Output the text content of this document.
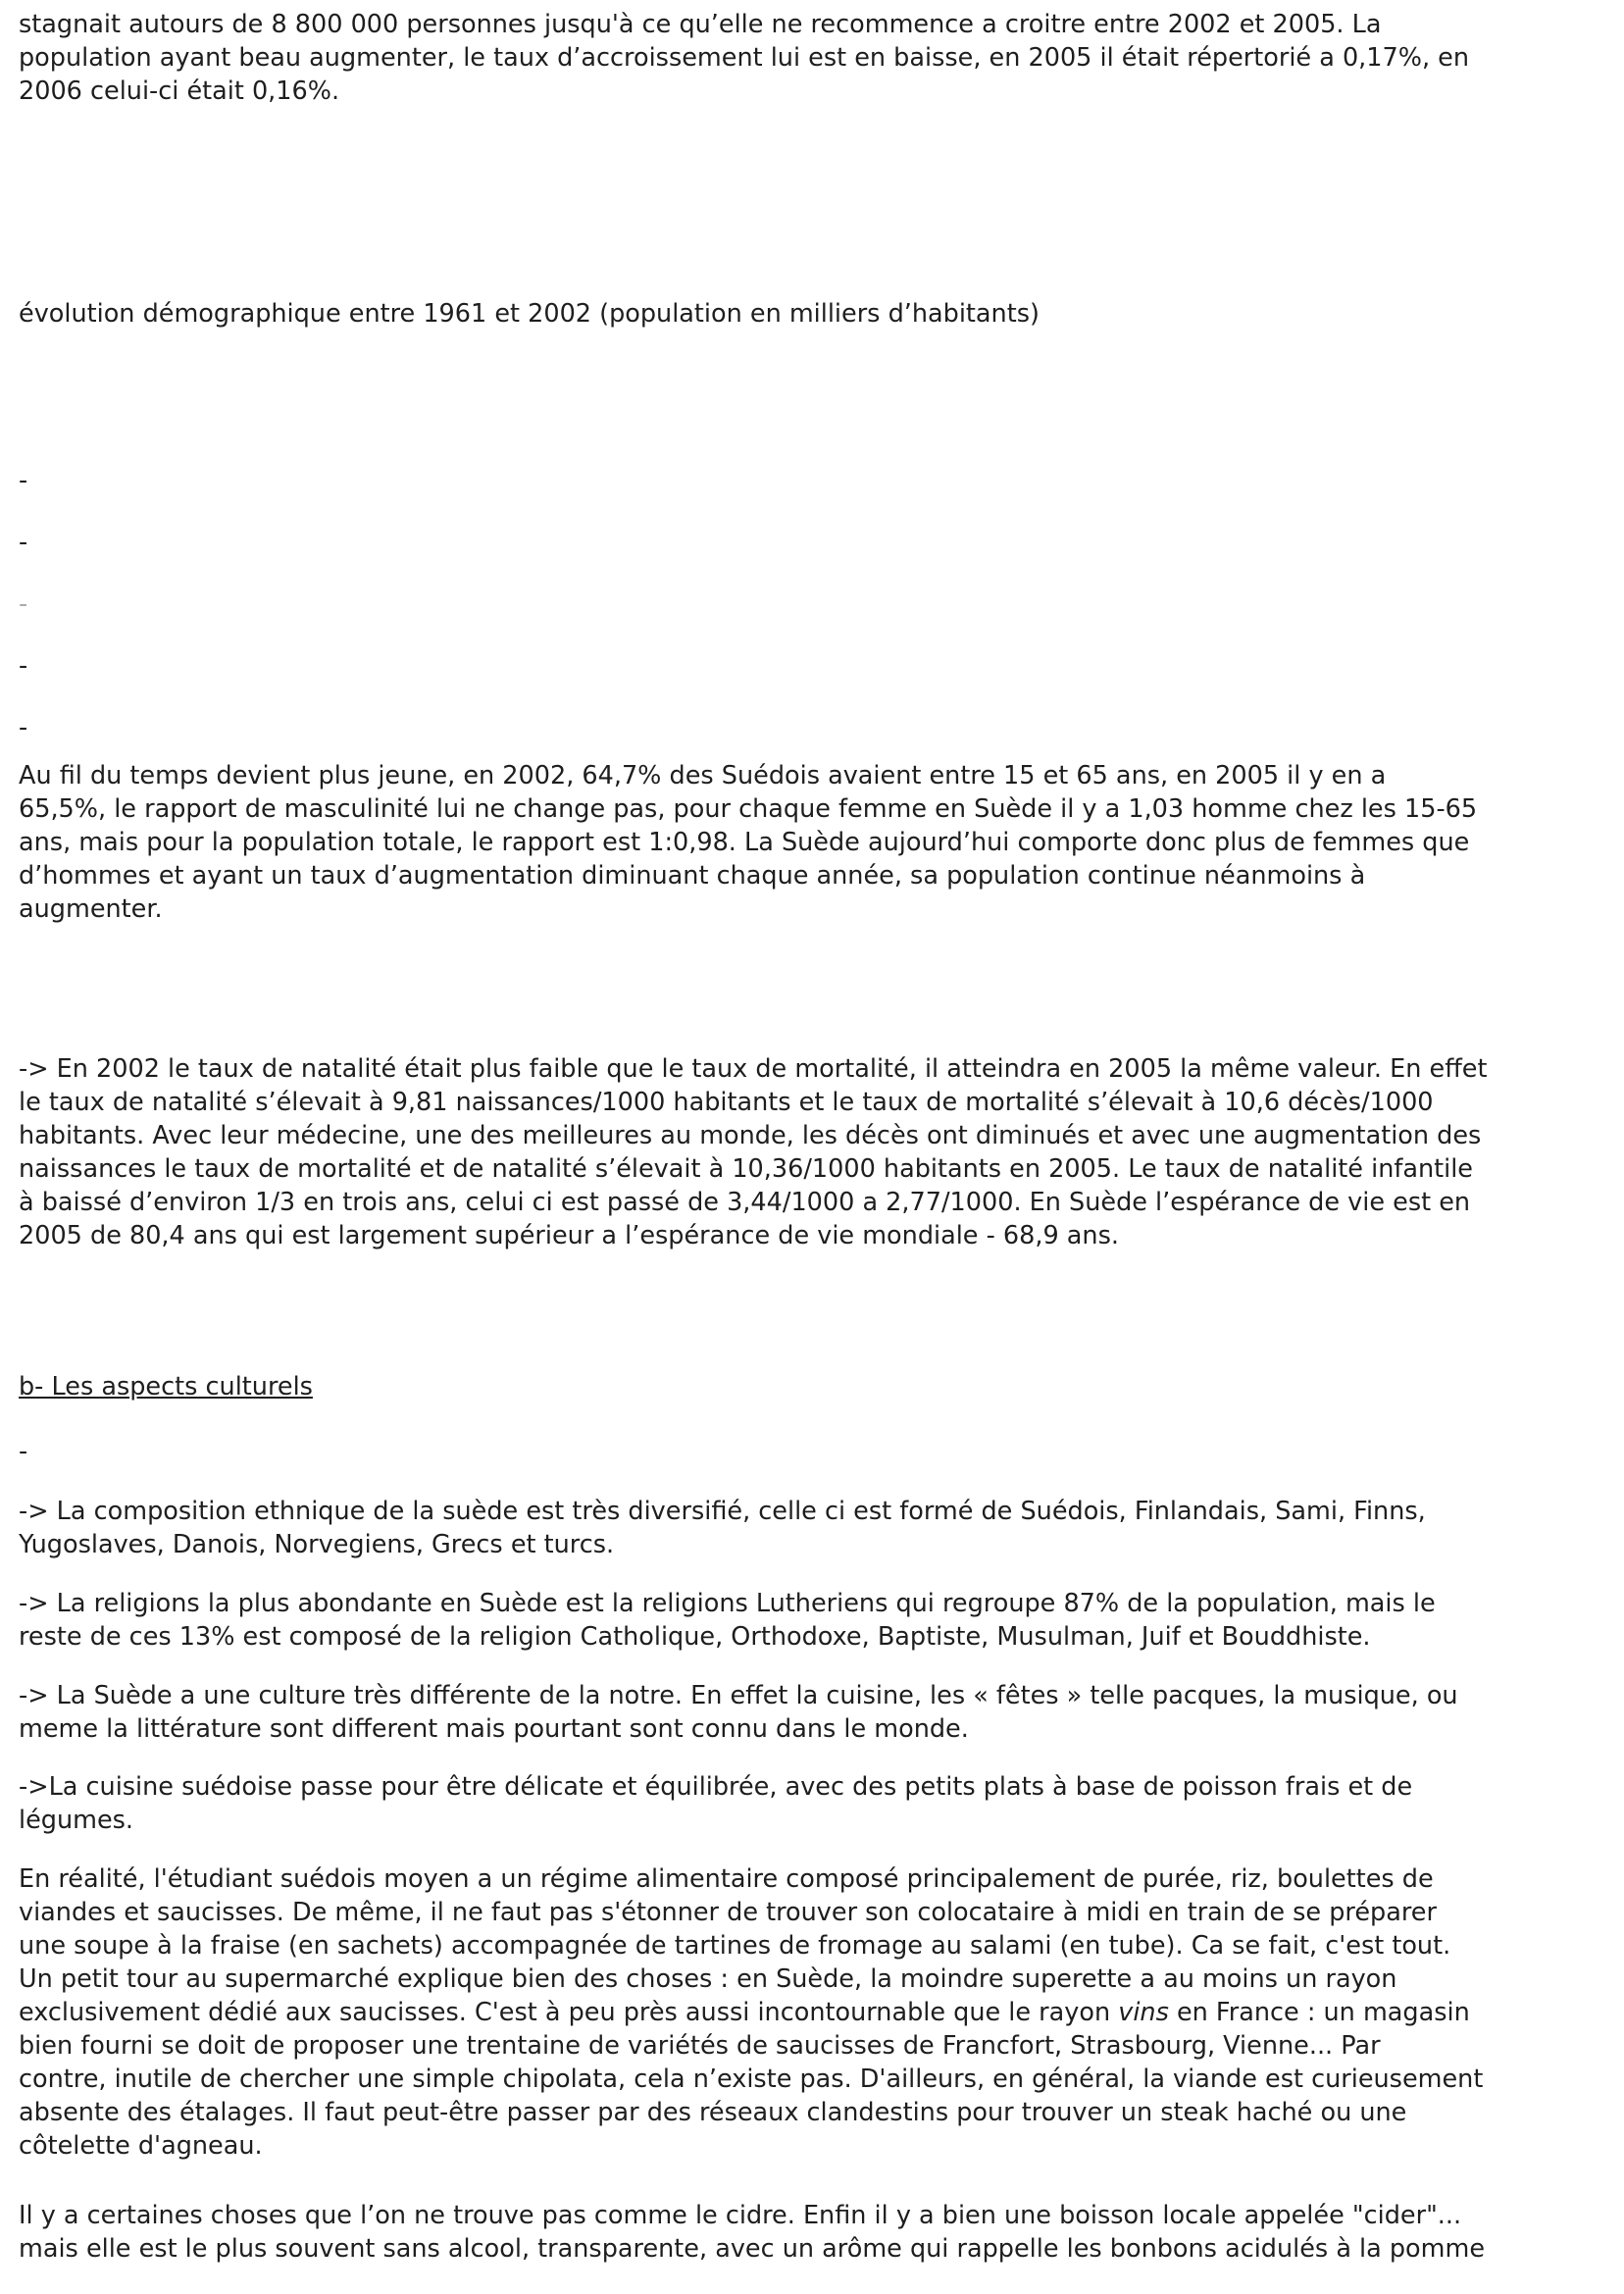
stagnait autours de 8 800 000 personnes jusqu'à ce qu’elle ne recommence a croitre entre 2002 et 2005. La
population ayant beau augmenter, le taux d’accroissement lui est en baisse, en 2005 il était répertorié a 0,17%, en
2006 celui-ci était 0,16%.

évolution démographique entre 1961 et 2002 (population en milliers d’habitants)

-
-
-
-
-

Au fil du temps devient plus jeune, en 2002, 64,7% des Suédois avaient entre 15 et 65 ans, en 2005 il y en a
65,5%, le rapport de masculinité lui ne change pas, pour chaque femme en Suède il y a 1,03 homme chez les 15-65
ans, mais pour la population totale, le rapport est 1:0,98. La Suède aujourd’hui comporte donc plus de femmes que
d’hommes et ayant un taux d’augmentation diminuant chaque année, sa population continue néanmoins à
augmenter.

-> En 2002 le taux de natalité était plus faible que le taux de mortalité, il atteindra en 2005 la même valeur. En effet
le taux de natalité s’élevait à 9,81 naissances/1000 habitants et le taux de mortalité s’élevait à 10,6 décès/1000
habitants. Avec leur médecine, une des meilleures au monde, les décès ont diminués et avec une augmentation des
naissances le taux de mortalité et de natalité s’élevait à 10,36/1000 habitants en 2005. Le taux de natalité infantile
à baissé d’environ 1/3 en trois ans, celui ci est passé de 3,44/1000 a 2,77/1000. En Suède l’espérance de vie est en
2005 de 80,4 ans qui est largement supérieur a l’espérance de vie mondiale - 68,9 ans.

b- Les aspects culturels

-

-> La composition ethnique de la suède est très diversifié, celle ci est formé de Suédois, Finlandais, Sami, Finns,
Yugoslaves, Danois, Norvegiens, Grecs et turcs.

-> La religions la plus abondante en Suède est la religions Lutheriens qui regroupe 87% de la population, mais le
reste de ces 13% est composé de la religion Catholique, Orthodoxe, Baptiste, Musulman, Juif et Bouddhiste.

-> La Suède a une culture très différente de la notre. En effet la cuisine, les « fêtes » telle pacques, la musique, ou
meme la littérature sont different mais pourtant sont connu dans le monde.

->La cuisine suédoise passe pour être délicate et équilibrée, avec des petits plats à base de poisson frais et de
légumes.

En réalité, l'étudiant suédois moyen a un régime alimentaire composé principalement de purée, riz, boulettes de
viandes et saucisses. De même, il ne faut pas s'étonner de trouver son colocataire à midi en train de se préparer
une soupe à la fraise (en sachets) accompagnée de tartines de fromage au salami (en tube). Ca se fait, c'est tout.
Un petit tour au supermarché explique bien des choses : en Suède, la moindre superette a au moins un rayon
exclusivement dédié aux saucisses. C'est à peu près aussi incontournable que le rayon vins en France : un magasin
bien fourni se doit de proposer une trentaine de variétés de saucisses de Francfort, Strasbourg, Vienne... Par
contre, inutile de chercher une simple chipolata, cela n’existe pas. D'ailleurs, en général, la viande est curieusement
absente des étalages. Il faut peut-être passer par des réseaux clandestins pour trouver un steak haché ou une
côtelette d'agneau.

Il y a certaines choses que l’on ne trouve pas comme le cidre. Enfin il y a bien une boisson locale appelée "cider"...
mais elle est le plus souvent sans alcool, transparente, avec un arôme qui rappelle les bonbons acidulés à la pomme
